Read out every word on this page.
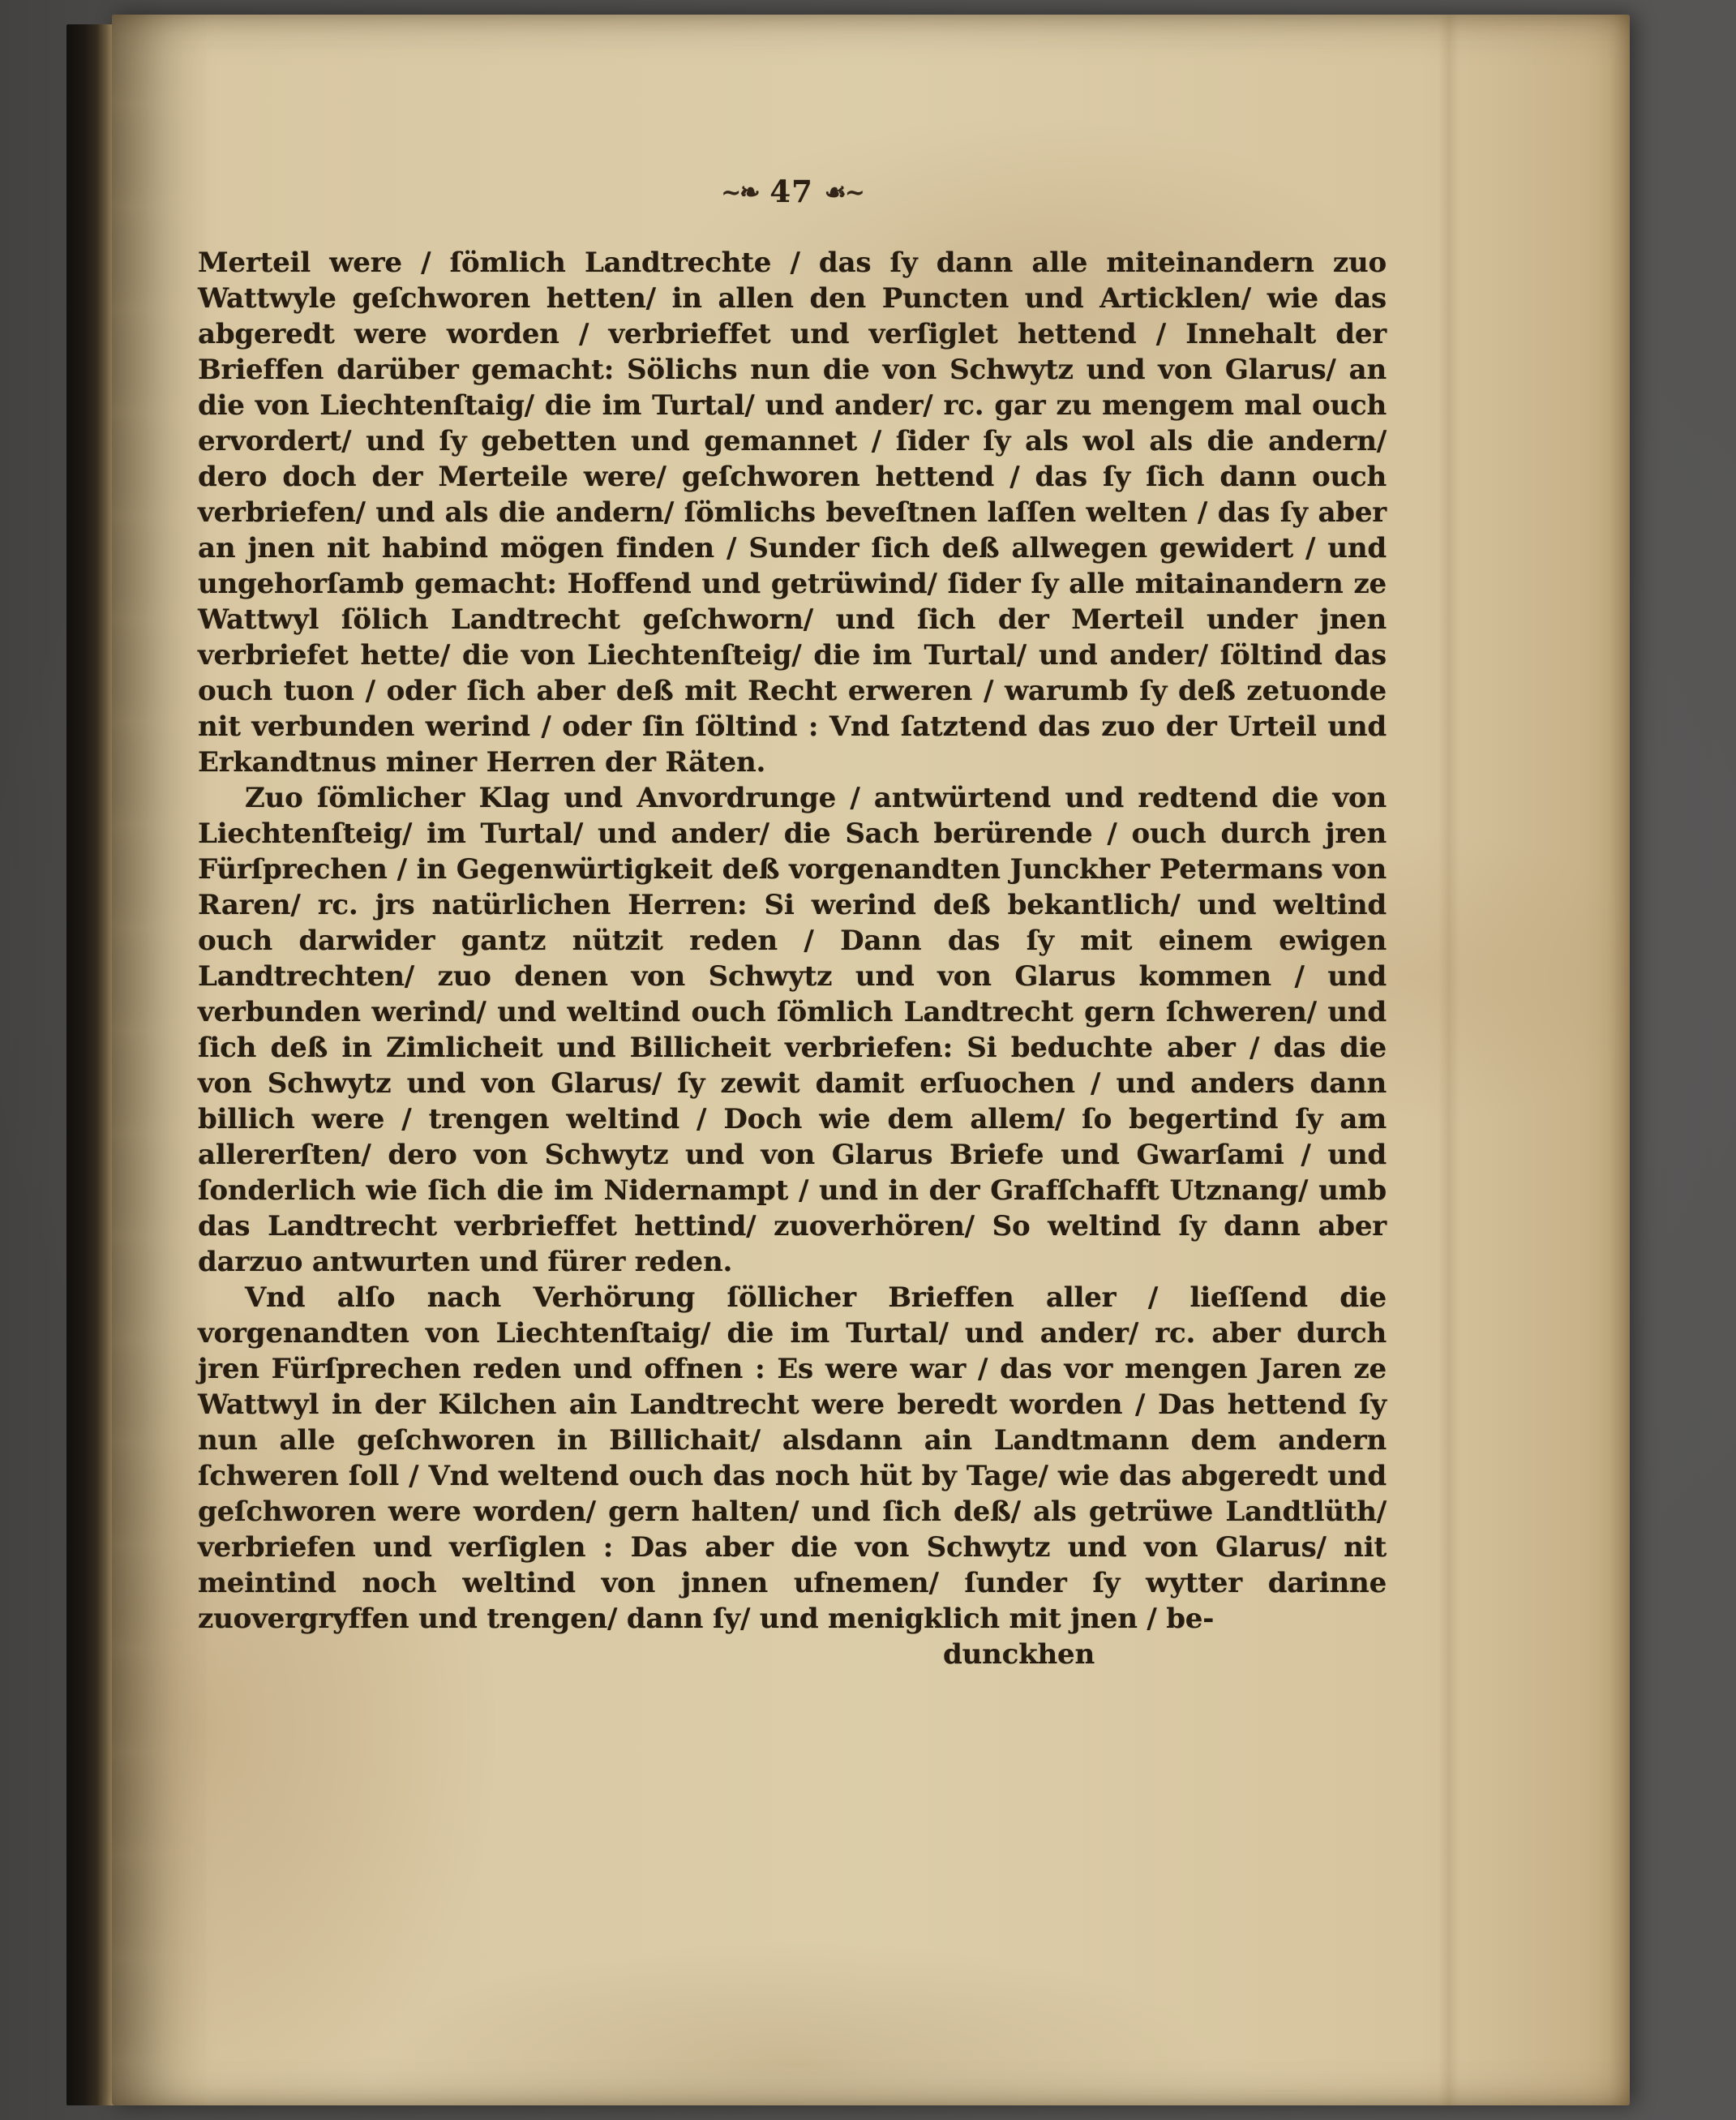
~❧ 47 ☙~

Merteil were / ſömlich Landtrechte / das ſy dann alle miteinandern zuo Wattwyle geſchworen hetten/ in allen den Puncten und Articklen/ wie das abgeredt were worden / verbrieffet und verſiglet hettend / Innehalt der Brieffen darüber gemacht: Sölichs nun die von Schwytz und von Glarus/ an die von Liechtenſtaig/ die im Turtal/ und ander/ rc. gar zu mengem mal ouch ervordert/ und ſy gebetten und gemannet / ſider ſy als wol als die andern/ dero doch der Merteile were/ geſchworen hettend / das ſy ſich dann ouch verbriefen/ und als die andern/ ſömlichs beveſtnen laſſen welten / das ſy aber an jnen nit habind mögen finden / Sunder ſich deß allwegen gewidert / und ungehorſamb gemacht: Hoffend und getrüwind/ ſider ſy alle mitainandern ze Wattwyl ſölich Landtrecht geſchworn/ und ſich der Merteil under jnen verbriefet hette/ die von Liechtenſteig/ die im Turtal/ und ander/ ſöltind das ouch tuon / oder ſich aber deß mit Recht erweren / warumb ſy deß zetuonde nit verbunden werind / oder ſin ſöltind : Vnd ſatztend das zuo der Urteil und Erkandtnus miner Herren der Räten.

Zuo ſömlicher Klag und Anvordrunge / antwürtend und redtend die von Liechtenſteig/ im Turtal/ und ander/ die Sach berürende / ouch durch jren Fürſprechen / in Gegenwürtigkeit deß vorgenandten Junckher Petermans von Raren/ rc. jrs natürlichen Herren: Si werind deß bekantlich/ und weltind ouch darwider gantz nützit reden / Dann das ſy mit einem ewigen Landtrechten/ zuo denen von Schwytz und von Glarus kommen / und verbunden werind/ und weltind ouch ſömlich Landtrecht gern ſchweren/ und ſich deß in Zimlicheit und Billicheit verbriefen: Si beduchte aber / das die von Schwytz und von Glarus/ ſy zewit damit erſuochen / und anders dann billich were / trengen weltind / Doch wie dem allem/ ſo begertind ſy am allererſten/ dero von Schwytz und von Glarus Briefe und Gwarſami / und ſonderlich wie ſich die im Nidernampt / und in der Grafſchafft Utznang/ umb das Landtrecht verbrieffet hettind/ zuoverhören/ So weltind ſy dann aber darzuo antwurten und fürer reden.

Vnd alſo nach Verhörung ſöllicher Brieffen aller / lieſſend die vorgenandten von Liechtenſtaig/ die im Turtal/ und ander/ rc. aber durch jren Fürſprechen reden und offnen : Es were war / das vor mengen Jaren ze Wattwyl in der Kilchen ain Landtrecht were beredt worden / Das hettend ſy nun alle geſchworen in Billichait/ alsdann ain Landtmann dem andern ſchweren ſoll / Vnd weltend ouch das noch hüt by Tage/ wie das abgeredt und geſchworen were worden/ gern halten/ und ſich deß/ als getrüwe Landtlüth/ verbriefen und verſiglen : Das aber die von Schwytz und von Glarus/ nit meintind noch weltind von jnnen ufnemen/ ſunder ſy wytter darinne zuovergryffen und trengen/ dann ſy/ und menigklich mit jnen / be-

dunckhen
